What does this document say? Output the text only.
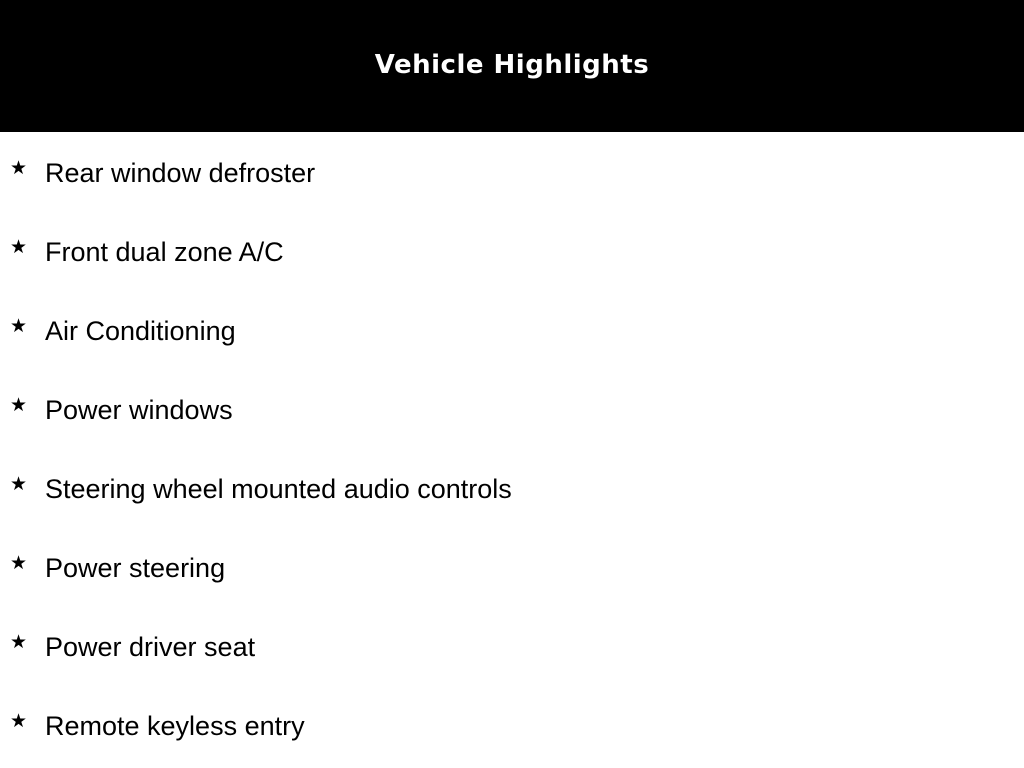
Vehicle Highlights
★ Rear window defroster
★ Front dual zone A/C
★ Air Conditioning
★ Power windows
★ Steering wheel mounted audio controls
★ Power steering
★ Power driver seat
★ Remote keyless entry
